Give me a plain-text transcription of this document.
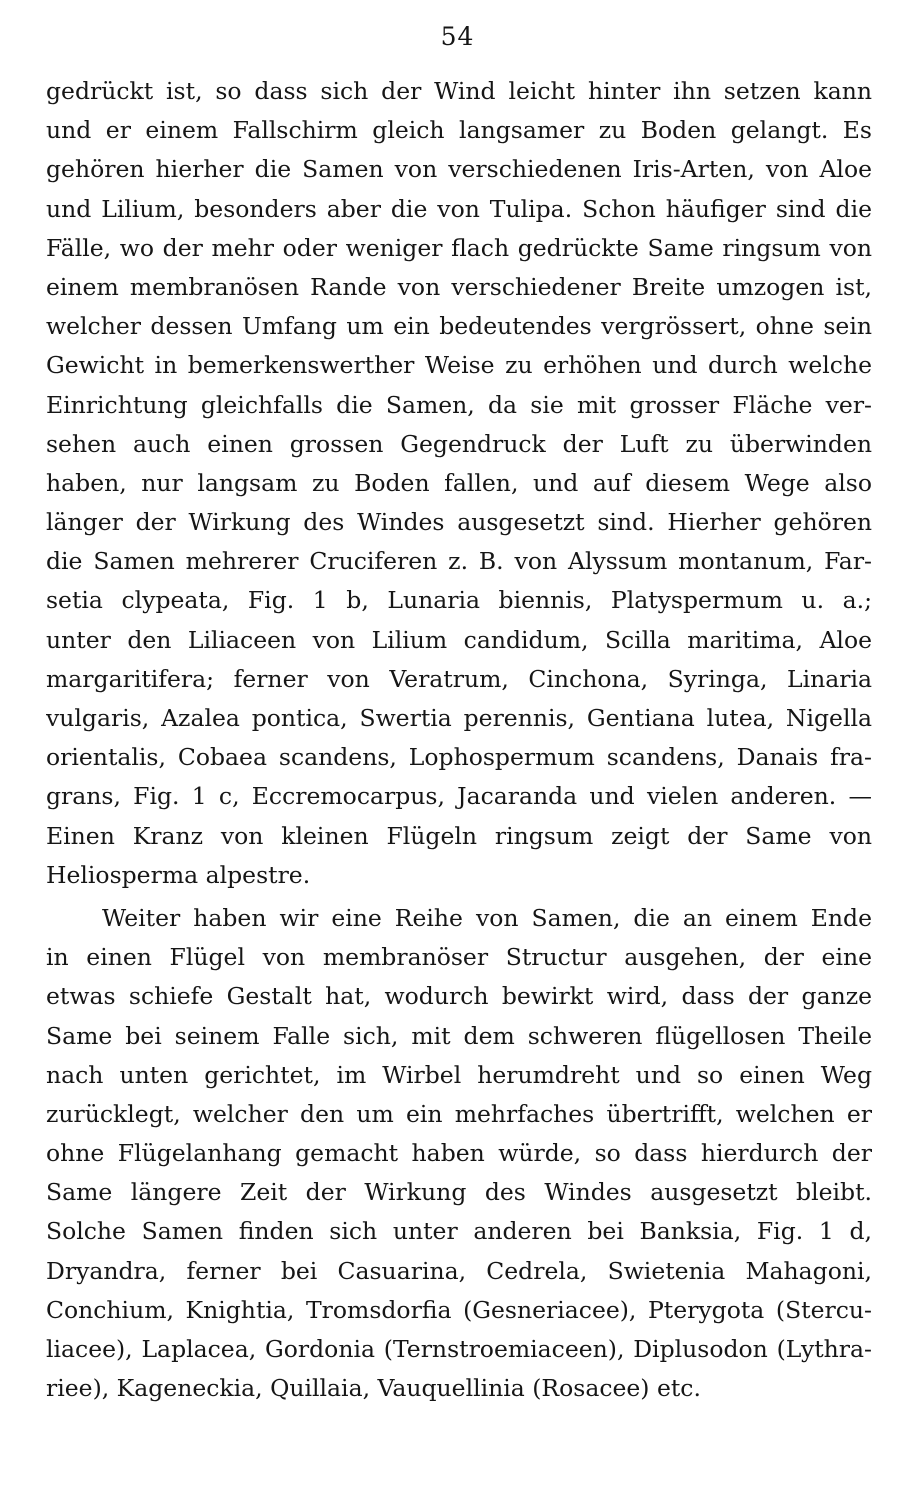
54
gedrückt ist, so dass sich der Wind leicht hinter ihn setzen kann
und er einem Fallschirm gleich langsamer zu Boden gelangt. Es
gehören hierher die Samen von verschiedenen Iris-Arten, von Aloe
und Lilium, besonders aber die von Tulipa. Schon häufiger sind die
Fälle, wo der mehr oder weniger flach gedrückte Same ringsum von
einem membranösen Rande von verschiedener Breite umzogen ist,
welcher dessen Umfang um ein bedeutendes vergrössert, ohne sein
Gewicht in bemerkenswerther Weise zu erhöhen und durch welche
Einrichtung gleichfalls die Samen, da sie mit grosser Fläche ver-
sehen auch einen grossen Gegendruck der Luft zu überwinden
haben, nur langsam zu Boden fallen, und auf diesem Wege also
länger der Wirkung des Windes ausgesetzt sind. Hierher gehören
die Samen mehrerer Cruciferen z. B. von Alyssum montanum, Far-
setia clypeata, Fig. 1 b, Lunaria biennis, Platyspermum u. a.;
unter den Liliaceen von Lilium candidum, Scilla maritima, Aloe
margaritifera; ferner von Veratrum, Cinchona, Syringa, Linaria
vulgaris, Azalea pontica, Swertia perennis, Gentiana lutea, Nigella
orientalis, Cobaea scandens, Lophospermum scandens, Danais fra-
grans, Fig. 1 c, Eccremocarpus, Jacaranda und vielen anderen. —
Einen Kranz von kleinen Flügeln ringsum zeigt der Same von
Heliosperma alpestre.
Weiter haben wir eine Reihe von Samen, die an einem Ende
in einen Flügel von membranöser Structur ausgehen, der eine
etwas schiefe Gestalt hat, wodurch bewirkt wird, dass der ganze
Same bei seinem Falle sich, mit dem schweren flügellosen Theile
nach unten gerichtet, im Wirbel herumdreht und so einen Weg
zurücklegt, welcher den um ein mehrfaches übertrifft, welchen er
ohne Flügelanhang gemacht haben würde, so dass hierdurch der
Same längere Zeit der Wirkung des Windes ausgesetzt bleibt.
Solche Samen finden sich unter anderen bei Banksia, Fig. 1 d,
Dryandra, ferner bei Casuarina, Cedrela, Swietenia Mahagoni,
Conchium, Knightia, Tromsdorfia (Gesneriacee), Pterygota (Stercu-
liacee), Laplacea, Gordonia (Ternstroemiaceen), Diplusodon (Lythra-
riee), Kageneckia, Quillaia, Vauquellinia (Rosacee) etc.
